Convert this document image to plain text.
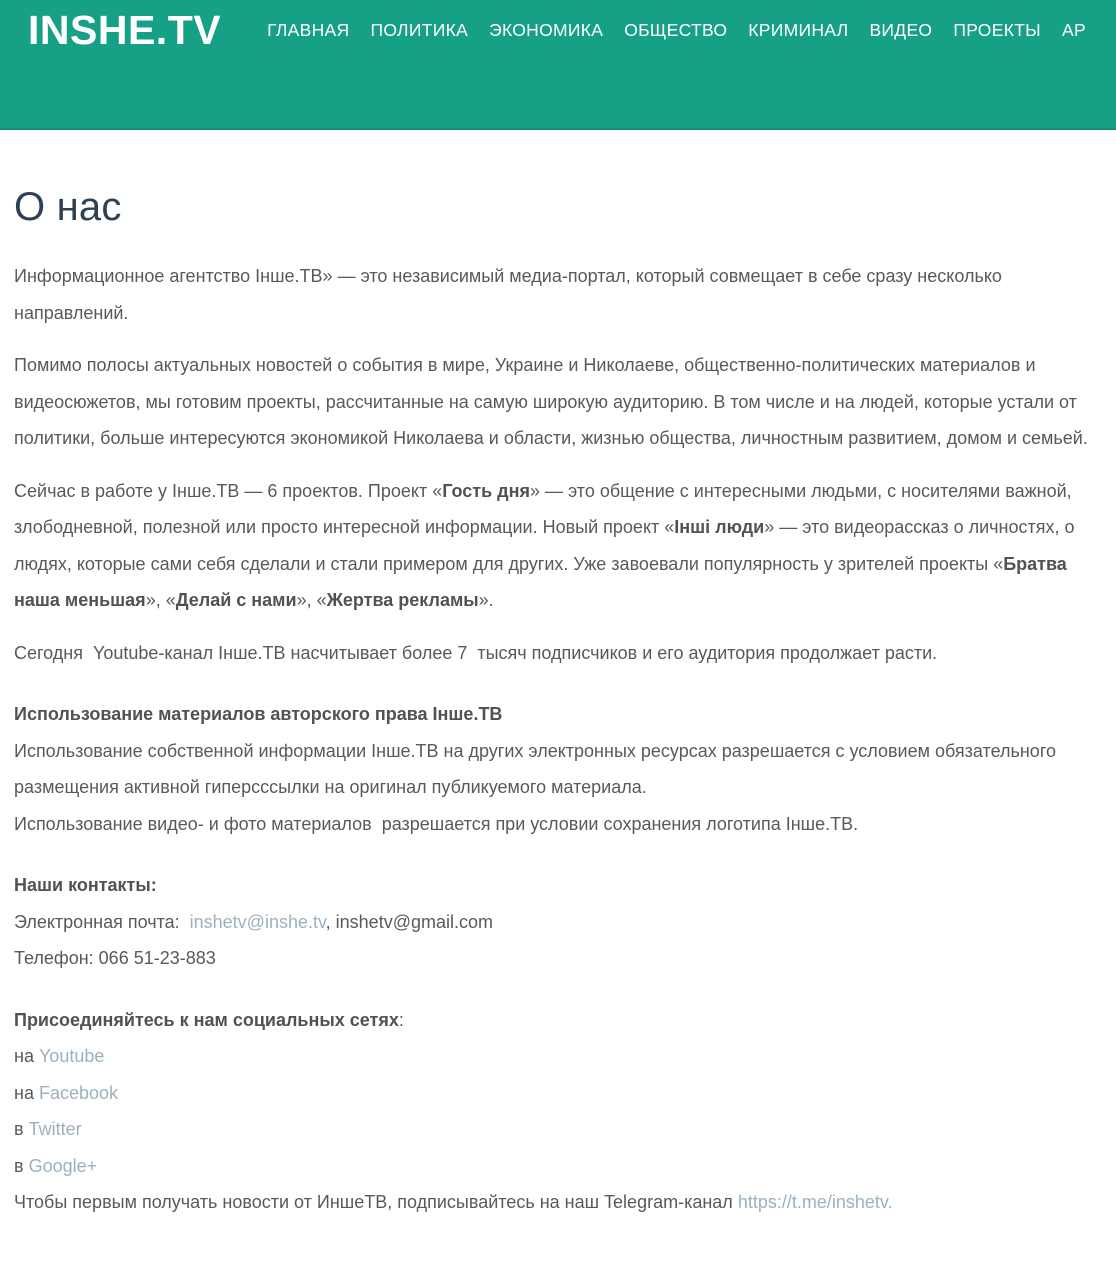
INSHE.TV	ГЛАВНАЯ ПОЛИТИКА ЭКОНОМИКА ОБЩЕСТВО КРИМИНАЛ ВИДЕО ПРОЕКТЫ АР
О нас

Информационное агентство Інше.ТВ» — это независимый медиа-портал, который совмещает в себе сразу несколько направлений.

Помимо полосы актуальных новостей о события в мире, Украине и Николаеве, общественно-политических материалов и видеосюжетов, мы готовим проекты, рассчитанные на самую широкую аудиторию. В том числе и на людей, которые устали от политики, больше интересуются экономикой Николаева и области, жизнью общества, личностным развитием, домом и семьей.

Сейчас в работе у Інше.ТВ — 6 проектов. Проект «Гость дня» — это общение с интересными людьми, с носителями важной, злободневной, полезной или просто интересной информации. Новый проект «Інші люди» — это видеорассказ о личностях, о людях, которые сами себя сделали и стали примером для других. Уже завоевали популярность у зрителей проекты «Братва наша меньшая», «Делай с нами», «Жертва рекламы».

Сегодня  Youtube-канал Інше.ТВ насчитывает более 7  тысяч подписчиков и его аудитория продолжает расти.

Использование материалов авторского права Інше.ТВ
Использование собственной информации Інше.ТВ на других электронных ресурсах разрешается с условием обязательного размещения активной гиперсссылки на оригинал публикуемого материала.
Использование видео- и фото материалов  разрешается при условии сохранения логотипа Інше.ТВ.

Наши контакты:
Электронная почта:  inshetv@inshe.tv, inshetv@gmail.com
Телефон: 066 51-23-883

Присоединяйтесь к нам социальных сетях:
на Youtube
на Facebook
в Twitter
в Google+
Чтобы первым получать новости от ИншеТВ, подписывайтесь на наш Telegram-канал https://t.me/inshetv.
